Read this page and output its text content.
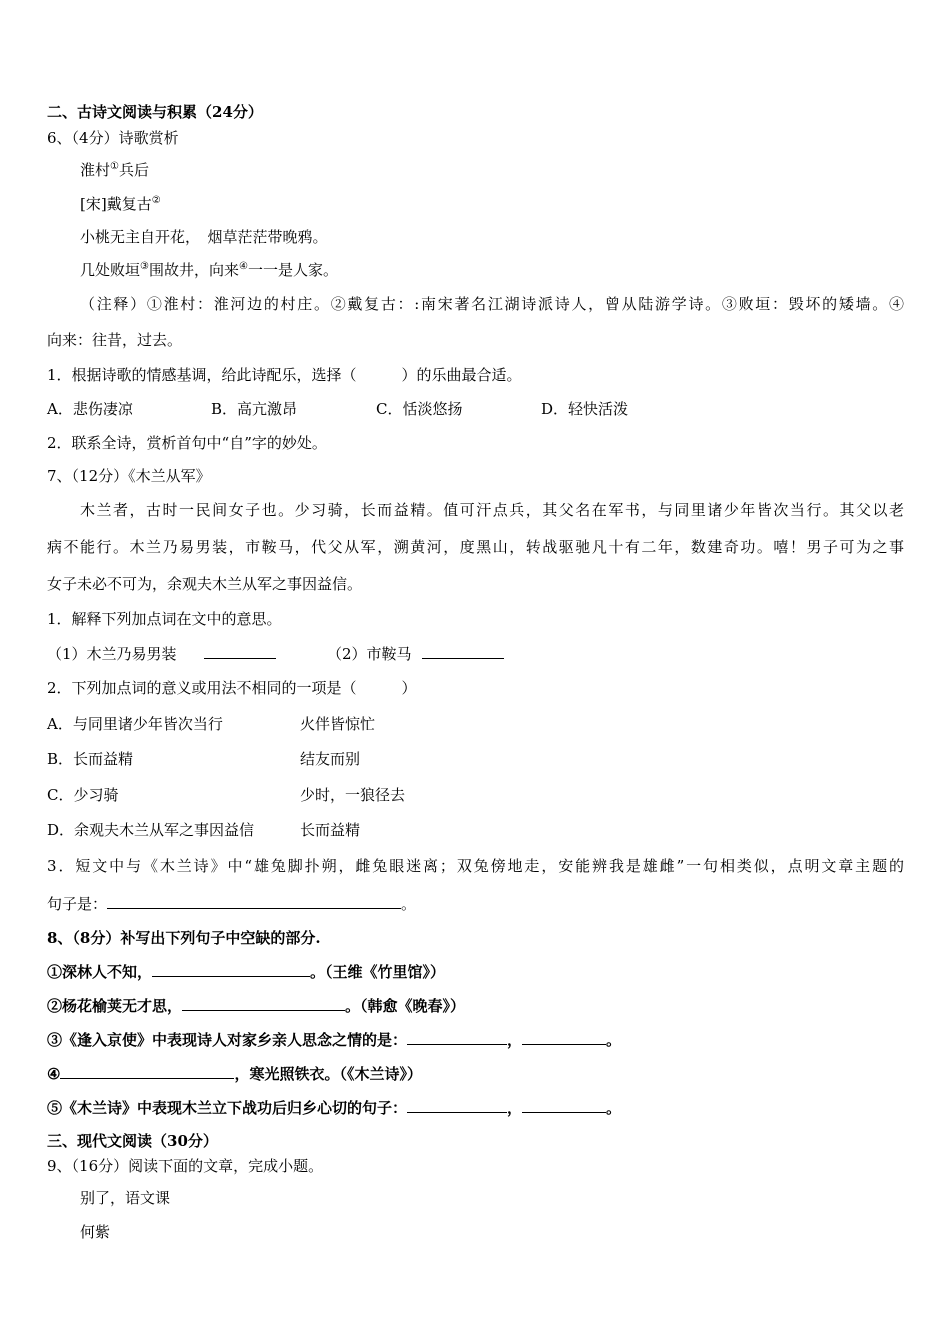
二、古诗文阅读与积累（24分）
6、（4分）诗歌赏析
淮村①兵后
[宋]戴复古②
小桃无主自开花，　烟草茫茫带晚鸦。
几处败垣③围故井，向来④一一是人家。
（注释）①淮村：淮河边的村庄。②戴复古：:南宋著名江湖诗派诗人，曾从陆游学诗。③败垣：毁坏的矮墙。④
向来：往昔，过去。
1．根据诗歌的情感基调，给此诗配乐，选择（　　　）的乐曲最合适。
A．悲伤凄凉	B．高亢激昂	C．恬淡悠扬	D．轻快活泼
2．联系全诗，赏析首句中“自”字的妙处。
7、（12分）《木兰从军》
木兰者，古时一民间女子也。少习骑，长而益精。值可汗点兵，其父名在军书，与同里诸少年皆次当行。其父以老
病不能行。木兰乃易男装，市鞍马，代父从军，溯黄河，度黑山，转战驱驰凡十有二年，数建奇功。嘻！男子可为之事
女子未必不可为，余观夫木兰从军之事因益信。
1．解释下列加点词在文中的意思。
（1）木兰乃易男装	（2）市鞍马
2．下列加点词的意义或用法不相同的一项是（　　　）
A．与同里诸少年皆次当行	火伴皆惊忙
B．长而益精	结友而别
C．少习骑	少时，一狼径去
D．余观夫木兰从军之事因益信	长而益精
3．短文中与《木兰诗》中“雄兔脚扑朔，雌兔眼迷离；双兔傍地走，安能辨我是雄雌”一句相类似，点明文章主题的
句子是：	。
8、（8分）补写出下列句子中空缺的部分.
①深林人不知，	。（王维《竹里馆》）
②杨花榆荚无才思，	。（韩愈《晚春》）
③《逢入京使》中表现诗人对家乡亲人思念之情的是：	，	。
④	，寒光照铁衣。（《木兰诗》）
⑤《木兰诗》中表现木兰立下战功后归乡心切的句子：	，	。
三、现代文阅读（30分）
9、（16分）阅读下面的文章，完成小题。
别了，语文课
何紫
